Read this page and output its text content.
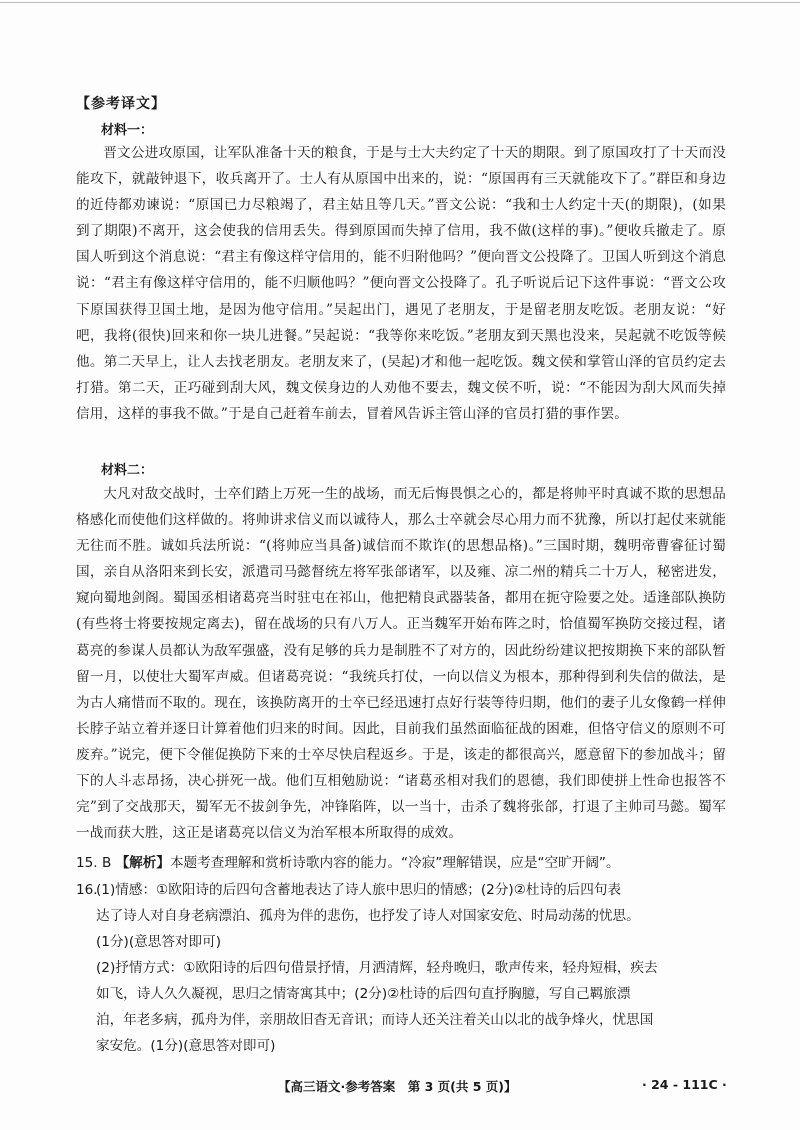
【参考译文】
材料一：
晋文公进攻原国，让军队准备十天的粮食，于是与士大夫约定了十天的期限。到了原国攻打了十天而没能攻下，就敲钟退下，收兵离开了。士人有从原国中出来的，说：“原国再有三天就能攻下了。”群臣和身边的近侍都劝谏说：“原国已力尽粮竭了，君主姑且等几天。”晋文公说：“我和士人约定十天(的期限)，(如果到了期限)不离开，这会使我的信用丢失。得到原国而失掉了信用，我不做(这样的事)。”便收兵撤走了。原国人听到这个消息说：“君主有像这样守信用的，能不归附他吗？”便向晋文公投降了。卫国人听到这个消息说：“君主有像这样守信用的，能不归顺他吗？”便向晋文公投降了。孔子听说后记下这件事说：“晋文公攻下原国获得卫国土地，是因为他守信用。”吴起出门，遇见了老朋友，于是留老朋友吃饭。老朋友说：“好吧，我将(很快)回来和你一块儿进餐。”吴起说：“我等你来吃饭。”老朋友到天黑也没来，吴起就不吃饭等候他。第二天早上，让人去找老朋友。老朋友来了，(吴起)才和他一起吃饭。魏文侯和掌管山泽的官员约定去打猎。第二天，正巧碰到刮大风，魏文侯身边的人劝他不要去，魏文侯不听，说：“不能因为刮大风而失掉信用，这样的事我不做。”于是自己赶着车前去，冒着风告诉主管山泽的官员打猎的事作罢。
材料二：
大凡对敌交战时，士卒们踏上万死一生的战场，而无后悔畏惧之心的，都是将帅平时真诚不欺的思想品格感化而使他们这样做的。将帅讲求信义而以诚待人，那么士卒就会尽心用力而不犹豫，所以打起仗来就能无往而不胜。诚如兵法所说：“(将帅应当具备)诚信而不欺诈(的思想品格)。”三国时期，魏明帝曹睿征讨蜀国，亲自从洛阳来到长安，派遣司马懿督统左将军张郃诸军，以及雍、凉二州的精兵二十万人，秘密进发，窥向蜀地剑阁。蜀国丞相诸葛亮当时驻屯在祁山，他把精良武器装备，都用在扼守险要之处。适逢部队换防(有些将士将要按规定离去)，留在战场的只有八万人。正当魏军开始布阵之时，恰值蜀军换防交接过程，诸葛亮的参谋人员都认为敌军强盛，没有足够的兵力是制胜不了对方的，因此纷纷建议把按期换下来的部队暂留一月，以使壮大蜀军声威。但诸葛亮说：“我统兵打仗，一向以信义为根本，那种得到利失信的做法，是为古人痛惜而不取的。现在，该换防离开的士卒已经迅速打点好行装等待归期，他们的妻子儿女像鹤一样伸长脖子站立着并逐日计算着他们归来的时间。因此，目前我们虽然面临征战的困难，但恪守信义的原则不可废弃。”说完，便下令催促换防下来的士卒尽快启程返乡。于是，该走的都很高兴，愿意留下的参加战斗；留下的人斗志昂扬，决心拼死一战。他们互相勉励说：“诸葛丞相对我们的恩德，我们即使拼上性命也报答不完”到了交战那天，蜀军无不拔剑争先，冲锋陷阵，以一当十，击杀了魏将张郃，打退了主帅司马懿。蜀军一战而获大胜，这正是诸葛亮以信义为治军根本所取得的成效。
15. B 【解析】本题考查理解和赏析诗歌内容的能力。“冷寂”理解错误，应是“空旷开阔”。
16.(1)情感：①欧阳诗的后四句含蓄地表达了诗人旅中思归的情感；(2分)②杜诗的后四句表
达了诗人对自身老病漂泊、孤舟为伴的悲伤，也抒发了诗人对国家安危、时局动荡的忧思。
(1分)(意思答对即可)
(2)抒情方式：①欧阳诗的后四句借景抒情，月洒清辉，轻舟晚归，歌声传来，轻舟短楫，疾去
如飞，诗人久久凝视，思归之情寄寓其中；(2分)②杜诗的后四句直抒胸臆，写自己羁旅漂
泊，年老多病，孤舟为伴，亲朋故旧杳无音讯；而诗人还关注着关山以北的战争烽火，忧思国
家安危。(1分)(意思答对即可)
【高三语文·参考答案　第 3 页(共 5 页)】	· 24 - 111C ·
